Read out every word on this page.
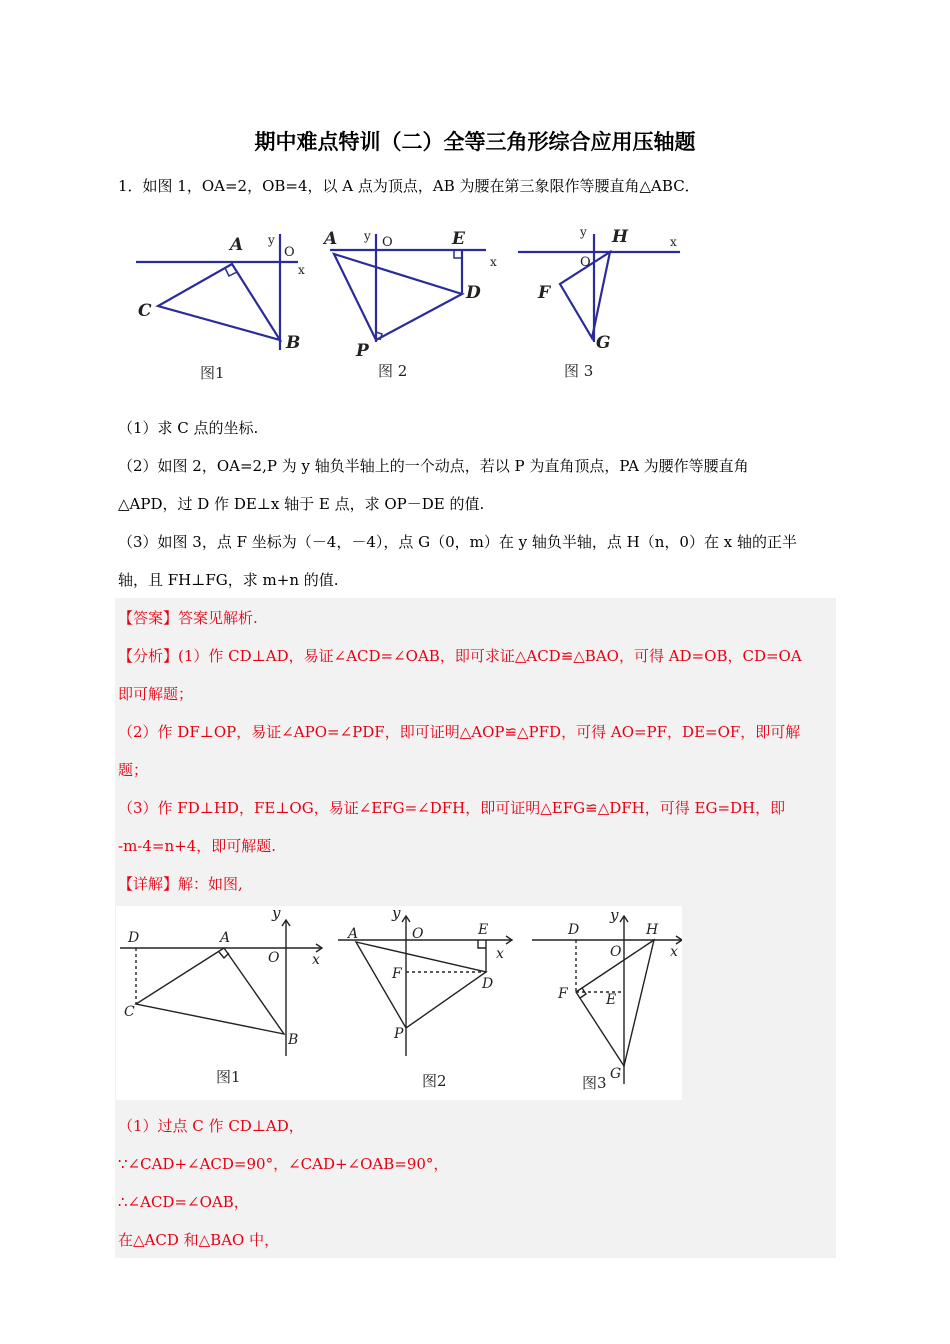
期中难点特训（二）全等三角形综合应用压轴题
1．如图 1，OA=2，OB=4，以 A 点为顶点，AB 为腰在第三象限作等腰直角△ABC．
A y
O
x
C
B
图1
A y O	E
x
D
P
图 2
y H	x
O
F
G
图 3
（1）求 C 点的坐标.
（2）如图 2，OA=2,P 为 y 轴负半轴上的一个动点，若以 P 为直角顶点，PA 为腰作等腰直角
△APD，过 D 作 DE⊥x 轴于 E 点，求 OP－DE 的值.
（3）如图 3，点 F 坐标为（－4，－4），点 G（0，m）在 y 轴负半轴，点 H（n，0）在 x 轴的正半
轴，且 FH⊥FG，求 m+n 的值.
【答案】答案见解析.
【分析】(1）作 CD⊥AD，易证∠ACD=∠OAB，即可求证△ACD≌△BAO，可得 AD=OB，CD=OA
即可解题；
（2）作 DF⊥OP，易证∠APO=∠PDF，即可证明△AOP≌△PFD，可得 AO=PF，DE=OF，即可解
题；
（3）作 FD⊥HD，FE⊥OG，易证∠EFG=∠DFH，即可证明△EFG≌△DFH，可得 EG=DH，即
-m-4=n+4，即可解题.
【详解】解：如图,
y
D	A
O x
C
B
图1
y
A	O	E
x
F
D
P
图2
y
D	H
O	x
F	E
G
图3
（1）过点 C 作 CD⊥AD，
∵∠CAD+∠ACD=90°，∠CAD+∠OAB=90°，
∴∠ACD=∠OAB，
在△ACD 和△BAO 中，
